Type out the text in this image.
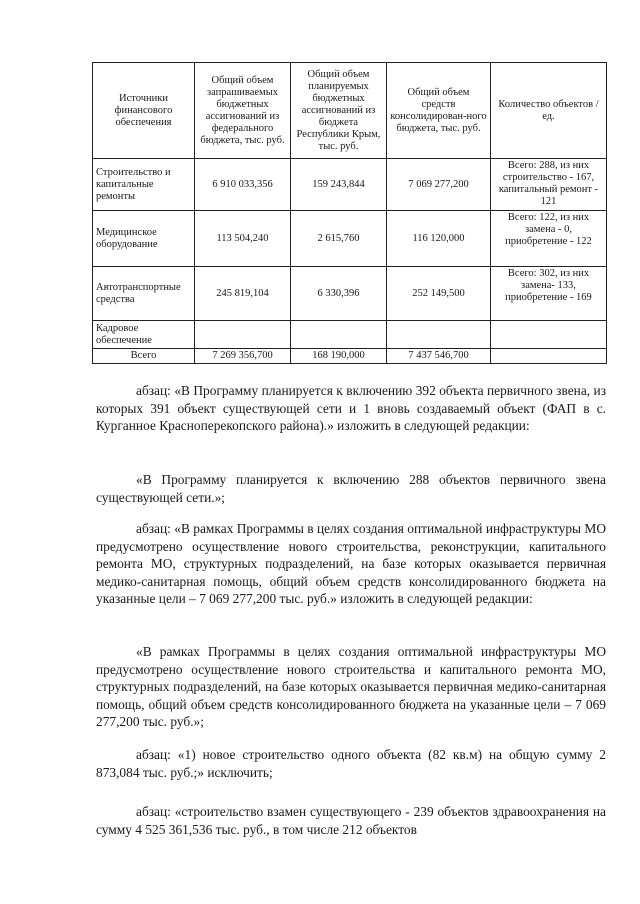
Источники финансового обеспечения	Общий объем запрашиваемых бюджетных ассигнований из федерального бюджета, тыс. руб.	Общий объем планируемых бюджетных ассигнований из бюджета Республики Крым, тыс. руб.	Общий объем средств консолидирован-ного бюджета, тыс. руб.	Количество объектов / ед.
Строительство и капитальные ремонты	6 910 033,356	159 243,844	7 069 277,200	Всего: 288, из них строительство - 167, капитальный ремонт - 121
Медицинское оборудование	113 504,240	2 615,760	116 120,000	Всего: 122, из них замена - 0, приобретение - 122
Автотранспортные средства	245 819,104	6 330,396	252 149,500	Всего: 302, из них замена- 133, приобретение - 169
Кадровое обеспечение				
Всего	7 269 356,700	168 190,000	7 437 546,700	

абзац: «В Программу планируется к включению 392 объекта первичного звена, из которых 391 объект существующей сети и 1 вновь создаваемый объект (ФАП в с. Курганное Красноперекопского района).» изложить в следующей редакции:

«В Программу планируется к включению 288 объектов первичного звена существующей сети.»;

абзац: «В рамках Программы в целях создания оптимальной инфраструктуры МО предусмотрено осуществление нового строительства, реконструкции, капитального ремонта МО, структурных подразделений, на базе которых оказывается первичная медико-санитарная помощь, общий объем средств консолидированного бюджета на указанные цели – 7 069 277,200 тыс. руб.» изложить в следующей редакции:

«В рамках Программы в целях создания оптимальной инфраструктуры МО предусмотрено осуществление нового строительства и капитального ремонта МО, структурных подразделений, на базе которых оказывается первичная медико-санитарная помощь, общий объем средств консолидированного бюджета на указанные цели – 7 069 277,200 тыс. руб.»;

абзац: «1) новое строительство одного объекта (82 кв.м) на общую сумму 2 873,084 тыс. руб.;» исключить;

абзац: «строительство взамен существующего - 239 объектов здравоохранения на сумму 4 525 361,536 тыс. руб., в том числе 212 объектов
